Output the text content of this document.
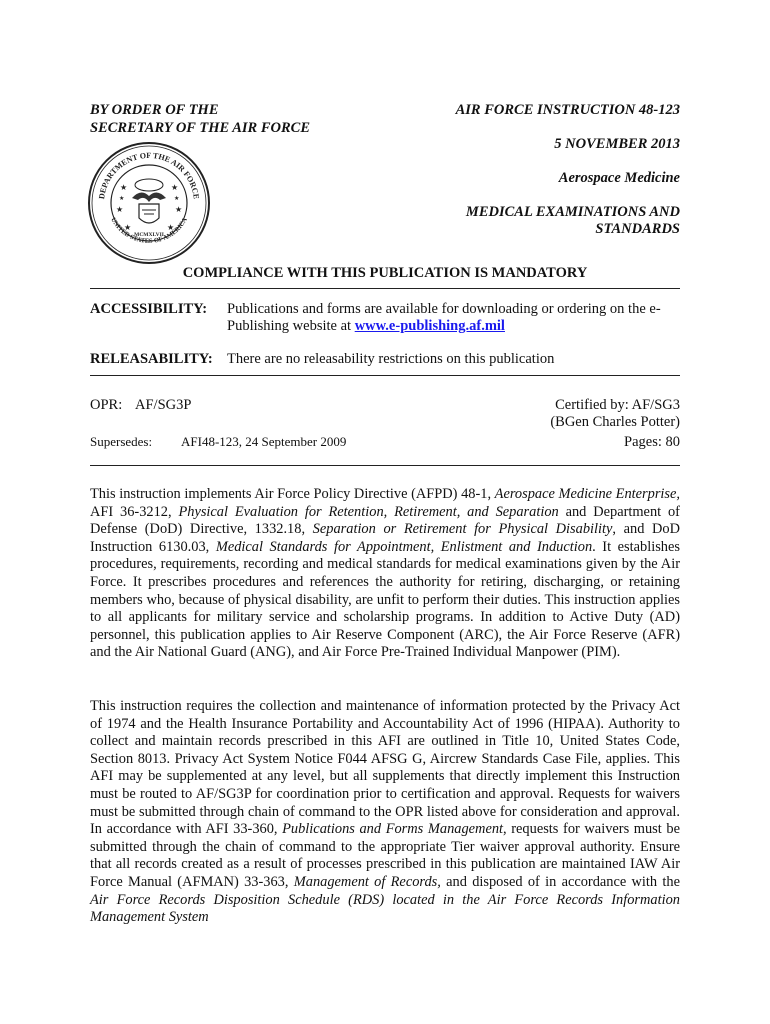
BY ORDER OF THE
SECRETARY OF THE AIR FORCE
AIR FORCE INSTRUCTION 48-123
5 NOVEMBER 2013
Aerospace Medicine
MEDICAL EXAMINATIONS AND
STANDARDS
DEPARTMENT OF THE AIR FORCE
UNITED STATES OF AMERICA
★	★
★	★
★	★
★	★
MCMXLVII
COMPLIANCE WITH THIS PUBLICATION IS MANDATORY
ACCESSIBILITY: Publications and forms are available for downloading or ordering on the e-
Publishing website at www.e-publishing.af.mil
RELEASABILITY: There are no releasability restrictions on this publication
OPR: AF/SG3P	Certified by: AF/SG3
(BGen Charles Potter)
Supersedes: AFI48-123, 24 September 2009	Pages: 80

This instruction implements Air Force Policy Directive (AFPD) 48-1, Aerospace Medicine Enterprise, AFI 36-3212, Physical Evaluation for Retention, Retirement, and Separation and Department of Defense (DoD) Directive, 1332.18, Separation or Retirement for Physical Disability, and DoD Instruction 6130.03, Medical Standards for Appointment, Enlistment and Induction. It establishes procedures, requirements, recording and medical standards for medical examinations given by the Air Force. It prescribes procedures and references the authority for retiring, discharging, or retaining members who, because of physical disability, are unfit to perform their duties. This instruction applies to all applicants for military service and scholarship programs. In addition to Active Duty (AD) personnel, this publication applies to Air Reserve Component (ARC), the Air Force Reserve (AFR) and the Air National Guard (ANG), and Air Force Pre-Trained Individual Manpower (PIM).

This instruction requires the collection and maintenance of information protected by the Privacy Act of 1974 and the Health Insurance Portability and Accountability Act of 1996 (HIPAA). Authority to collect and maintain records prescribed in this AFI are outlined in Title 10, United States Code, Section 8013. Privacy Act System Notice F044 AFSG G, Aircrew Standards Case File, applies. This AFI may be supplemented at any level, but all supplements that directly implement this Instruction must be routed to AF/SG3P for coordination prior to certification and approval. Requests for waivers must be submitted through chain of command to the OPR listed above for consideration and approval. In accordance with AFI 33-360, Publications and Forms Management, requests for waivers must be submitted through the chain of command to the appropriate Tier waiver approval authority. Ensure that all records created as a result of processes prescribed in this publication are maintained IAW Air Force Manual (AFMAN) 33-363, Management of Records, and disposed of in accordance with the Air Force Records Disposition Schedule (RDS) located in the Air Force Records Information Management System
